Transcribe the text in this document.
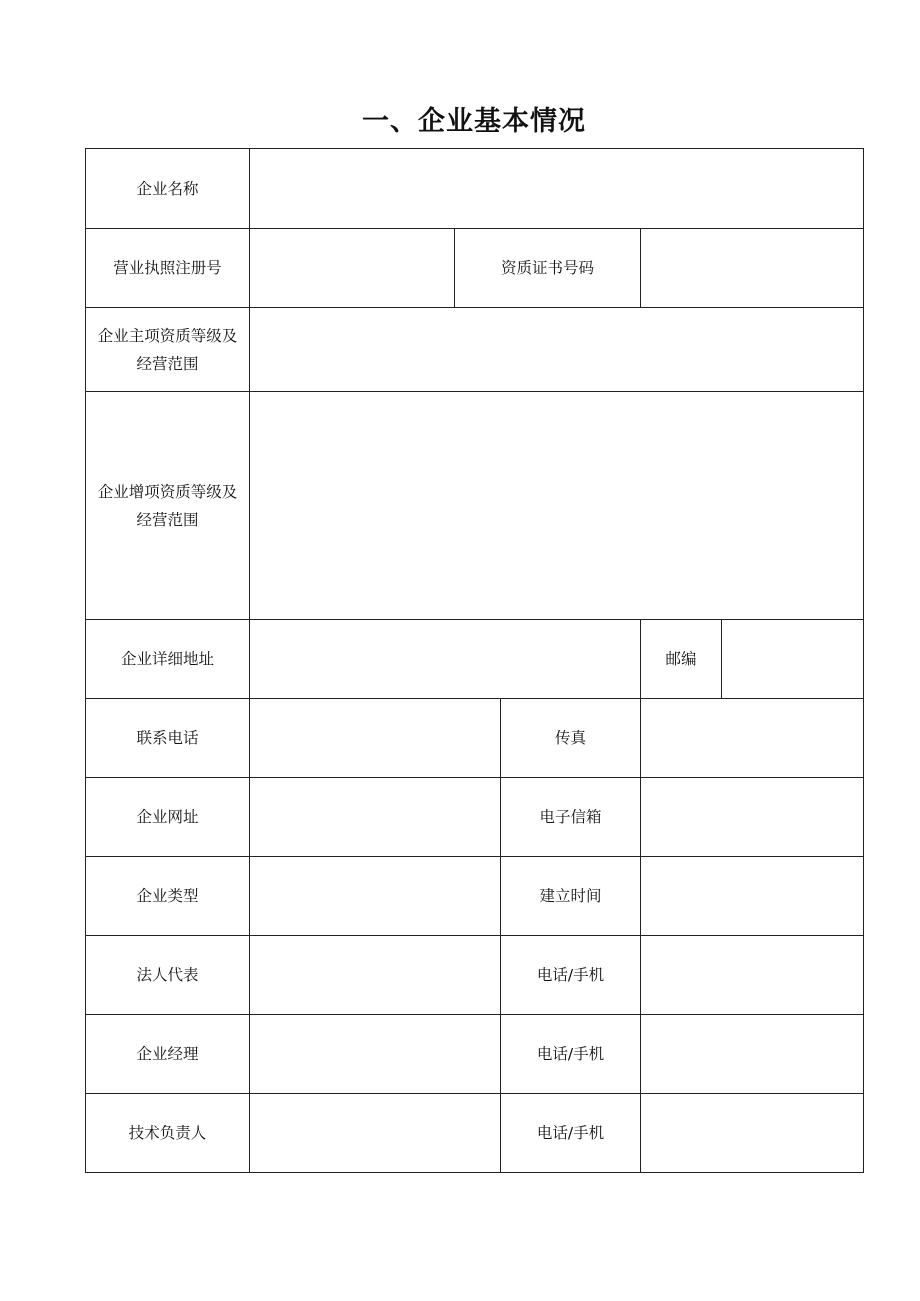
一、企业基本情况
企业名称
营业执照注册号	资质证书号码
企业主项资质等级及
经营范围
企业增项资质等级及
经营范围
企业详细地址	邮编
联系电话	传真
企业网址	电子信箱
企业类型	建立时间
法人代表	电话/手机
企业经理	电话/手机
技术负责人	电话/手机
